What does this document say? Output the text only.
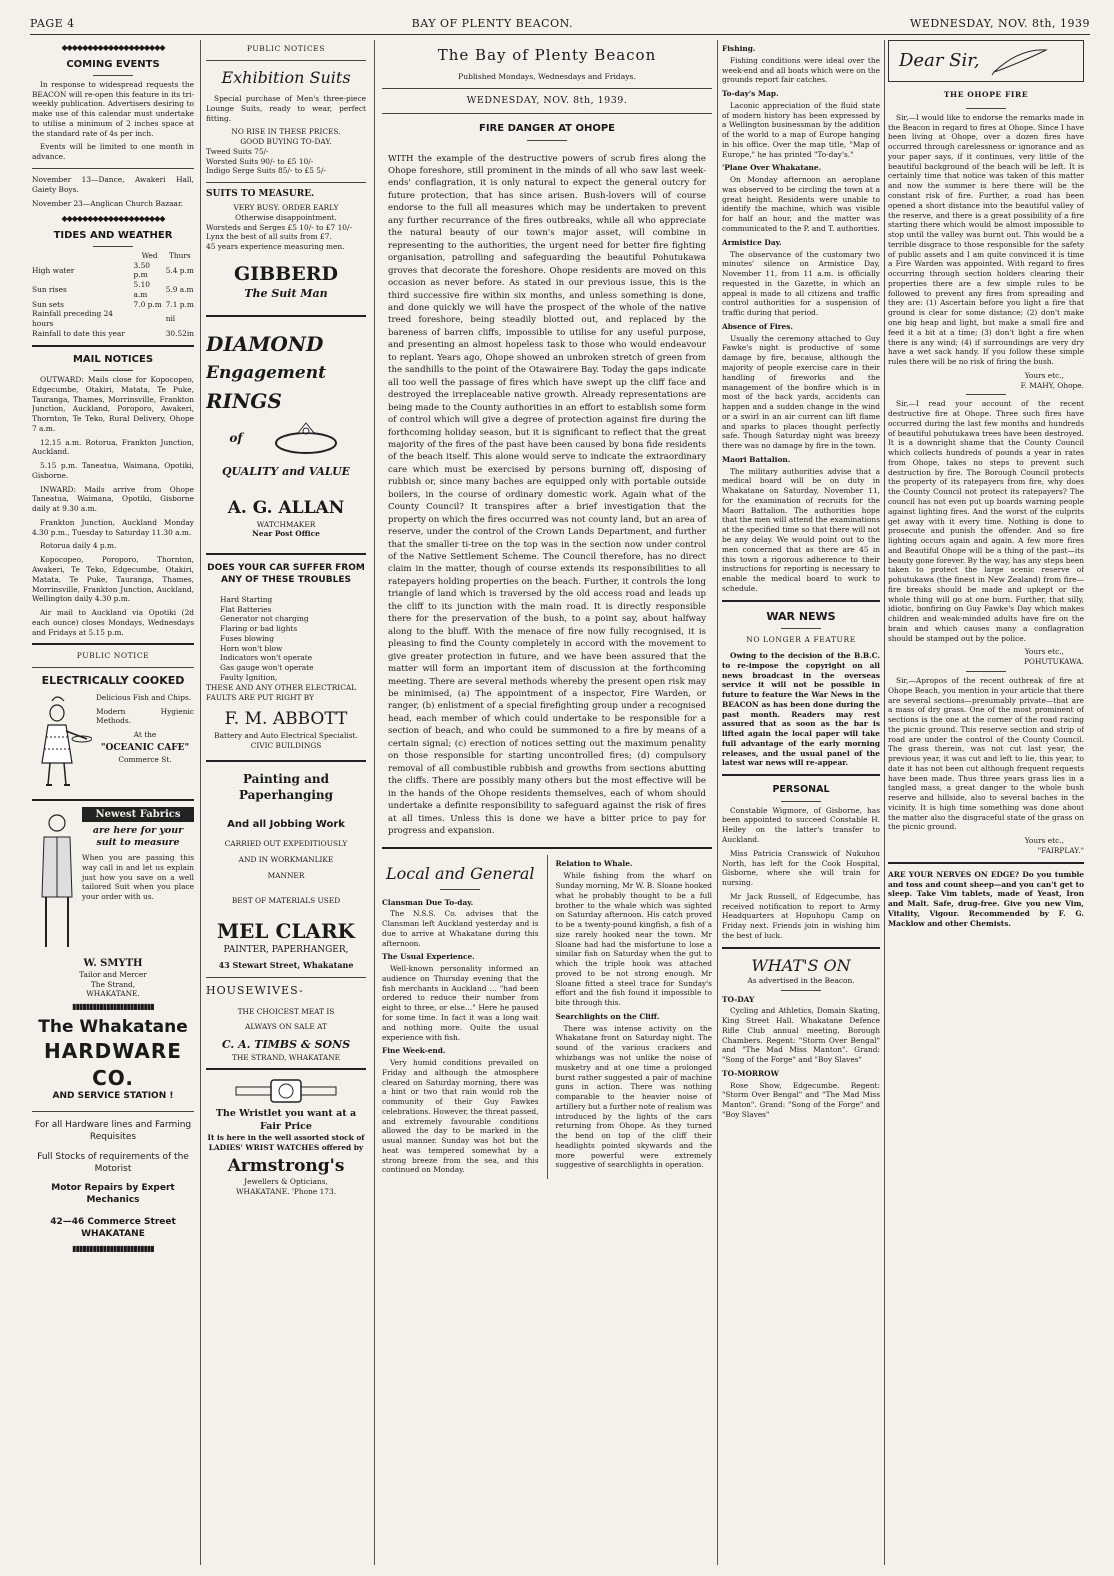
PAGE 4	BAY OF PLENTY BEACON.	WEDNESDAY, NOV. 8th, 1939
◆◆◆◆◆◆◆◆◆◆◆◆◆◆◆◆◆◆◆◆
COMING EVENTS

In response to widespread requests the BEACON will re-open this feature in its tri-weekly publication. Advertisers desiring to make use of this calendar must undertake to utilise a minimum of 2 inches space at the standard rate of 4s per inch.

Events will be limited to one month in advance.

November 13—Dance, Awakeri Hall, Gaiety Boys.

November 23—Anglican Church Bazaar.

◆◆◆◆◆◆◆◆◆◆◆◆◆◆◆◆◆◆◆◆
TIDES AND WEATHER
	Wed	Thurs
High water	3.50 p.m	5.4 p.m
Sun rises	5.10 a.m	5.9 a.m
Sun sets	7.0 p.m	7.1 p.m
Rainfall preceding 24 hours		nil
Rainfall to date this year		30.52in
MAIL NOTICES

OUTWARD: Mails close for Kopocopeo, Edgecumbe, Otakiri, Matata, Te Puke, Tauranga, Thames, Morrinsville, Frankton Junction, Auckland, Poroporo, Awakeri, Thornton, Te Teko, Rural Delivery, Ohope 7 a.m.

12.15 a.m. Rotorua, Frankton Junction, Auckland.

5.15 p.m. Taneatua, Waimana, Opotiki, Gisborne.

INWARD: Mails arrive from Ohope Taneatua, Waimana, Opotiki, Gisborne daily at 9.30 a.m.

Frankton Junction, Auckland Monday 4.30 p.m., Tuesday to Saturday 11.30 a.m.

Rotorua daily 4 p.m.

Kopocopeo, Poroporo, Thornton, Awakeri, Te Teko, Edgecumbe, Otakiri, Matata, Te Puke, Tauranga, Thames, Morrinsville, Frankton Junction, Auckland, Wellington daily 4.30 p.m.

Air mail to Auckland via Opotiki (2d each ounce) closes Mondays, Wednesdays and Fridays at 5.15 p.m.

PUBLIC NOTICE
ELECTRICALLY COOKED

Delicious Fish and Chips.

Modern Hygienic Methods.

At the
"OCEANIC CAFE"
Commerce St.
Newest Fabrics
are here for your suit to measure

When you are passing this way call in and let us explain just how you save on a well tailored Suit when you place your order with us.

W. SMYTH
Tailor and Mercer
The Strand,
WHAKATANE.
▮▮▮▮▮▮▮▮▮▮▮▮▮▮▮▮▮▮▮▮▮▮▮▮
The Whakatane
HARDWARE CO.
AND SERVICE STATION !
For all Hardware lines and Farming Requisites
Full Stocks of requirements of the Motorist
Motor Repairs by Expert Mechanics
42—46 Commerce Street
WHAKATANE
▮▮▮▮▮▮▮▮▮▮▮▮▮▮▮▮▮▮▮▮▮▮▮▮
PUBLIC NOTICES
Exhibition Suits

Special purchase of Men's three-piece Lounge Suits, ready to wear, perfect fitting.

NO RISE IN THESE PRICES.
GOOD BUYING TO-DAY.
Tweed Suits 75/-
Worsted Suits 90/- to £5 10/-
Indigo Serge Suits 85/- to £5 5/-
SUITS TO MEASURE.
VERY BUSY. ORDER EARLY
Otherwise disappointment.
Worsteds and Serges £5 10/- to £7 10/-
Lynx the best of all suits from £7.
45 years experience measuring men.
GIBBERD
The Suit Man
DIAMOND
Engagement
RINGS
of
QUALITY and VALUE
A. G. ALLAN
WATCHMAKER
Near Post Office
DOES YOUR CAR SUFFER FROM ANY OF THESE TROUBLES
Hard Starting
Flat Batteries
Generator not charging
Flaring or bad lights
Fuses blowing
Horn won't blow
Indicators won't operate
Gas gauge won't operate
Faulty Ignition,
THESE AND ANY OTHER ELECTRICAL FAULTS ARE PUT RIGHT BY
F. M. ABBOTT
Battery and Auto Electrical Specialist.
CIVIC BUILDINGS
Painting and Paperhanging
And all Jobbing Work
CARRIED OUT EXPEDITIOUSLY
AND IN WORKMANLIKE
MANNER
BEST OF MATERIALS USED
MEL CLARK
PAINTER, PAPERHANGER,
43 Stewart Street, Whakatane
HOUSEWIVES-
THE CHOICEST MEAT IS
ALWAYS ON SALE AT
C. A. TIMBS & SONS
THE STRAND, WHAKATANE
The Wristlet you want at a Fair Price
It is here in the well assorted stock of LADIES' WRIST WATCHES offered by
Armstrong's
Jewellers & Opticians,
WHAKATANE. 'Phone 173.
The Bay of Plenty Beacon
Published Mondays, Wednesdays and Fridays.
WEDNESDAY, NOV. 8th, 1939.
FIRE DANGER AT OHOPE

WITH the example of the destructive powers of scrub fires along the Ohope foreshore, still prominent in the minds of all who saw last week-ends' conflagration, it is only natural to expect the general outcry for future protection, that has since arisen. Bush-lovers will of course endorse to the full all measures which may be undertaken to prevent any further recurrance of the fires outbreaks, while all who appreciate the natural beauty of our town's major asset, will combine in representing to the authorities, the urgent need for better fire fighting organisation, patrolling and safeguarding the beautiful Pohutukawa groves that decorate the foreshore. Ohope residents are moved on this occasion as never before. As stated in our previous issue, this is the third successive fire within six months, and unless something is done, and done quickly we will have the prospect of the whole of the native treed foreshore, being steadily blotted out, and replaced by the bareness of barren cliffs, impossible to utilise for any useful purpose, and presenting an almost hopeless task to those who would endeavour to replant. Years ago, Ohope showed an unbroken stretch of green from the sandhills to the point of the Otawairere Bay. Today the gaps indicate all too well the passage of fires which have swept up the cliff face and destroyed the irreplaceable native growth. Already representations are being made to the County authorities in an effort to establish some form of control which will give a degree of protection against fire during the forthcoming holiday season, but it is significant to reflect that the great majority of the fires of the past have been caused by bona fide residents of the beach itself. This alone would serve to indicate the extraordinary care which must be exercised by persons burning off, disposing of rubbish or, since many baches are equipped only with portable outside boilers, in the course of ordinary domestic work. Again what of the County Council? It transpires after a brief investigation that the property on which the fires occurred was not county land, but an area of reserve, under the control of the Crown Lands Department, and further that the smaller ti-tree on the top was in the section now under control of the Native Settlement Scheme. The Council therefore, has no direct claim in the matter, though of course extends its responsibilities to all ratepayers holding properties on the beach. Further, it controls the long triangle of land which is traversed by the old access road and leads up the cliff to its junction with the main road. It is directly responsible there for the preservation of the bush, to a point say, about halfway along to the bluff. With the menace of fire now fully recognised, it is pleasing to find the County completely in accord with the movement to give greater protection in future, and we have been assured that the matter will form an important item of discussion at the forthcoming meeting. There are several methods whereby the present open risk may be minimised, (a) The appointment of a inspector, Fire Warden, or ranger, (b) enlistment of a special firefighting group under a recognised head, each member of which could undertake to be responsible for a section of beach, and who could be summoned to a fire by means of a certain signal; (c) erection of notices setting out the maximum penality on those responsible for starting uncontrolled fires; (d) compulsory removal of all combustible rubbish and growths from sections abutting the cliffs. There are possibly many others but the most effective will be in the hands of the Ohope residents themselves, each of whom should undertake a definite responsibility to safeguard against the risk of fires at all times. Unless this is done we have a bitter price to pay for progress and expansion.

Local and General
Clansman Due To-day.

The N.S.S. Co. advises that the Clansman left Auckland yesterday and is due to arrive at Whakatane during this afternoon.

The Usual Experience.

Well-known personality informed an audience on Thursday evening that the fish merchants in Auckland … "had been ordered to reduce their number from eight to three, or else…" Here he paused for some time. In fact it was a long wait and nothing more. Quite the usual experience with fish.

Fine Week-end.

Very humid conditions prevailed on Friday and although the atmosphere cleared on Saturday morning, there was a hint or two that rain would rob the community of their Guy Fawkes celebrations. However, the threat passed, and extremely favourable conditions allowed the day to be marked in the usual manner. Sunday was hot but the heat was tempered somewhat by a strong breeze from the sea, and this continued on Monday.

Relation to Whale.

While fishing from the wharf on Sunday morning, Mr W. B. Sloane hooked what he probably thought to be a full brother to the whale which was sighted on Saturday afternoon. His catch proved to be a twenty-pound kingfish, a fish of a size rarely hooked near the town. Mr Sloane had had the misfortune to lose a similar fish on Saturday when the gut to which the triple hook was attached proved to be not strong enough. Mr Sloane fitted a steel trace for Sunday's effort and the fish found it impossible to bite through this.

Searchlights on the Cliff.

There was intense activity on the Whakatane front on Saturday night. The sound of the various crackers and whizbangs was not unlike the noise of musketry and at one time a prolonged burst rather suggested a pair of machine guns in action. There was nothing comparable to the heavier noise of artillery but a further note of realism was introduced by the lights of the cars returning from Ohope. As they turned the bend on top of the cliff their headlights pointed skywards and the more powerful were extremely suggestive of searchlights in operation.

Fishing.

Fishing conditions were ideal over the week-end and all boats which were on the grounds report fair catches.

To-day's Map.

Laconic appreciation of the fluid state of modern history has been expressed by a Wellington businessman by the addition of the world to a map of Europe hanging in his office. Over the map title, "Map of Europe," he has printed "To-day's."

'Plane Over Whakatane.

On Monday afternoon an aeroplane was observed to be circling the town at a great height. Residents were unable to identify the machine, which was visible for half an hour, and the matter was communicated to the P. and T. authorities.

Armistice Day.

The observance of the customary two minutes' silence on Armistice Day, November 11, from 11 a.m. is officially requested in the Gazette, in which an appeal is made to all citizens and traffic control authorities for a suspension of traffic during that period.

Absence of Fires.

Usually the ceremony attached to Guy Fawke's night is productive of some damage by fire, because, although the majority of people exercise care in their handling of fireworks and the management of the bonfire which is in most of the back yards, accidents can happen and a sudden change in the wind or a swirl in an air current can lift flame and sparks to places thought perfectly safe. Though Saturday night was breezy there was no damage by fire in the town.

Maori Battalion.

The military authorities advise that a medical board will be on duty in Whakatane on Saturday, November 11, for the examination of recruits for the Maori Battalion. The authorities hope that the men will attend the examinations at the specified time so that there will not be any delay. We would point out to the men concerned that as there are 45 in this town a rigorous adherence to their instructions for reporting is necessary to enable the medical board to work to schedule.

WAR NEWS
NO LONGER A FEATURE

Owing to the decision of the B.B.C. to re-impose the copyright on all news broadcast in the overseas service it will not be possible in future to feature the War News in the BEACON as has been done during the past month. Readers may rest assured that as soon as the bar is lifted again the local paper will take full advantage of the early morning releases, and the usual panel of the latest war news will re-appear.

PERSONAL

Constable Wigmore, of Gisborne, has been appointed to succeed Constable H. Heiley on the latter's transfer to Auckland.

Miss Patricia Cranswick of Nukuhou North, has left for the Cook Hospital, Gisborne, where she will train for nursing.

Mr Jack Russell, of Edgecumbe, has received notification to report to Army Headquarters at Hopuhopu Camp on Friday next. Friends join in wishing him the best of luck.

WHAT'S ON
As advertised in the Beacon.
TO-DAY

Cycling and Athletics, Domain Skating, King Street Hall. Whakatane Defence Rifle Club annual meeting, Borough Chambers. Regent: "Storm Over Bengal" and "The Mad Miss Manton". Grand: "Song of the Forge" and "Boy Slaves"

TO-MORROW

Rose Show, Edgecumbe. Regent: "Storm Over Bengal" and "The Mad Miss Manton". Grand: "Song of the Forge" and "Boy Slaves"

Dear Sir,
THE OHOPE FIRE

Sir,—I would like to endorse the remarks made in the Beacon in regard to fires at Ohope. Since I have been living at Ohope, over a dozen fires have occurred through carelessness or ignorance and as your paper says, if it continues, very little of the beautiful background of the beach will be left. It is certainly time that notice was taken of this matter and now the summer is here there will be the constant risk of fire. Further, a road has been opened a short distance into the beautiful valley of the reserve, and there is a great possibility of a fire starting there which would be almost impossible to stop until the valley was burnt out. This would be a terrible disgrace to those responsible for the safety of public assets and I am quite convinced it is time a Fire Warden was appointed. With regard to fires occurring through section holders clearing their properties there are a few simple rules to be followed to prevent any fires from spreading and they are: (1) Ascertain before you light a fire that ground is clear for some distance; (2) don't make one big heap and light, but make a small fire and feed it a bit at a time; (3) don't light a fire when there is any wind; (4) if surroundings are very dry have a wet sack handy. If you follow these simple rules there will be no risk of firing the bush.

Yours etc.,
F. MAHY, Ohope.

Sir,—I read your account of the recent destructive fire at Ohope. Three such fires have occurred during the last few months and hundreds of beautiful pohutukawa trees have been destroyed. It is a downright shame that the County Council which collects hundreds of pounds a year in rates from Ohope, takes no steps to prevent such destruction by fire. The Borough Council protects the property of its ratepayers from fire, why does the County Council not protect its ratepayers? The council has not even put up boards warning people against lighting fires. And the worst of the culprits get away with it every time. Nothing is done to prosecute and punish the offender. And so fire lighting occurs again and again. A few more fires and Beautiful Ohope will be a thing of the past—its beauty gone forever. By the way, has any steps been taken to protect the large scenic reserve of pohutukawa (the finest in New Zealand) from fire—fire breaks should be made and upkept or the whole thing will go at one burn. Further, that silly, idiotic, bonfiring on Guy Fawke's Day which makes children and weak-minded adults have fire on the brain and which causes many a conflagration should be stamped out by the police.

Yours etc.,
POHUTUKAWA.

Sir,—Apropos of the recent outbreak of fire at Ohope Beach, you mention in your article that there are several sections—presumably private—that are a mass of dry grass. One of the most prominent of sections is the one at the corner of the road racing the picnic ground. This reserve section and strip of road are under the control of the County Council. The grass therein, was not cut last year, the previous year, it was cut and left to lie, this year, to date it has not been cut although frequent requests have been made. Thus three years grass lies in a tangled mass, a great danger to the whole bush reserve and hillside, also to several baches in the vicinity. It is high time something was done about the matter also the disgraceful state of the grass on the picnic ground.

Yours etc.,
"FAIRPLAY."

ARE YOUR NERVES ON EDGE? Do you tumble and toss and count sheep—and you can't get to sleep. Take Vim tablets, made of Yeast, Iron and Malt. Safe, drug-free. Give you new Vim, Vitality, Vigour. Recommended by F. G. Macklow and other Chemists.
